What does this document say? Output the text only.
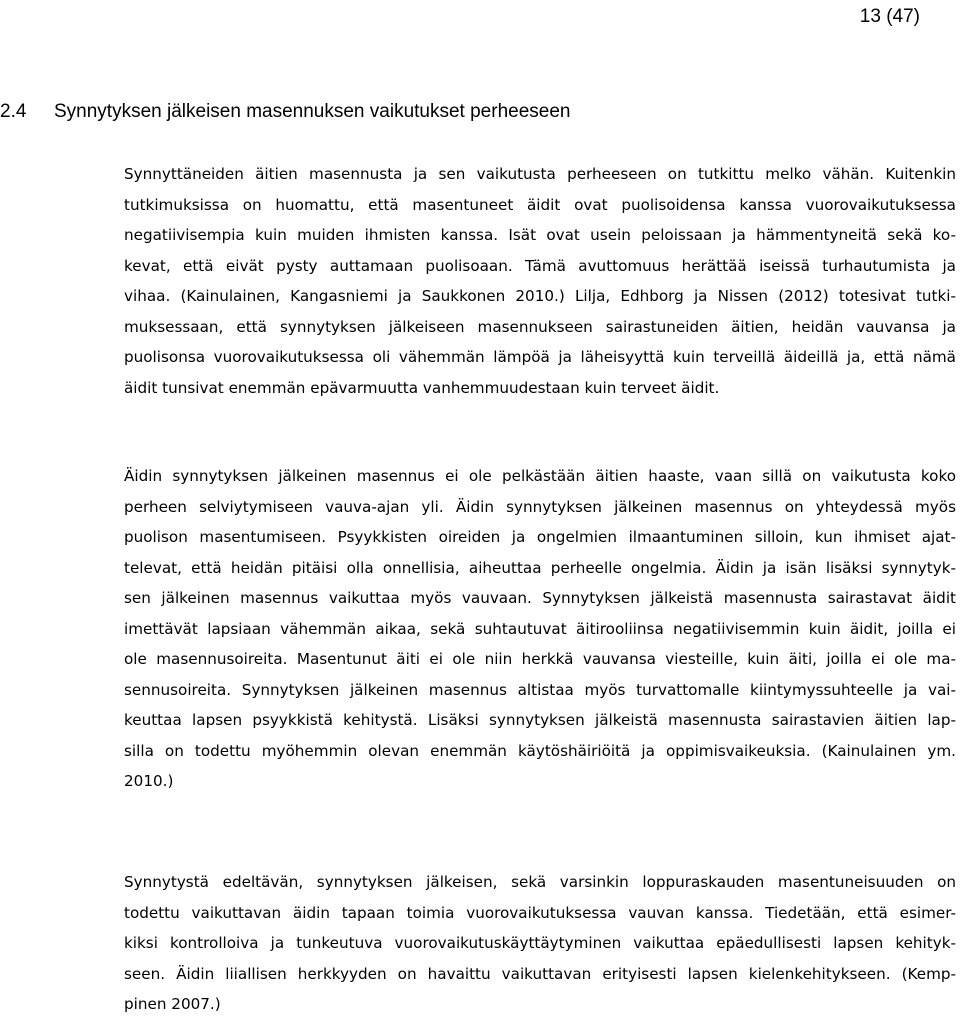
13 (47)
2.4 Synnytyksen jälkeisen masennuksen vaikutukset perheeseen

Synnyttäneiden äitien masennusta ja sen vaikutusta perheeseen on tutkittu melko vähän. Kuitenkin
tutkimuksissa on huomattu, että masentuneet äidit ovat puolisoidensa kanssa vuorovaikutuksessa
negatiivisempia kuin muiden ihmisten kanssa. Isät ovat usein peloissaan ja hämmentyneitä sekä ko-
kevat, että eivät pysty auttamaan puolisoaan. Tämä avuttomuus herättää iseissä turhautumista ja
vihaa. (Kainulainen, Kangasniemi ja Saukkonen 2010.) Lilja, Edhborg ja Nissen (2012) totesivat tutki-
muksessaan, että synnytyksen jälkeiseen masennukseen sairastuneiden äitien, heidän vauvansa ja
puolisonsa vuorovaikutuksessa oli vähemmän lämpöä ja läheisyyttä kuin terveillä äideillä ja, että nämä
äidit tunsivat enemmän epävarmuutta vanhemmuudestaan kuin terveet äidit.

Äidin synnytyksen jälkeinen masennus ei ole pelkästään äitien haaste, vaan sillä on vaikutusta koko
perheen selviytymiseen vauva-ajan yli. Äidin synnytyksen jälkeinen masennus on yhteydessä myös
puolison masentumiseen. Psyykkisten oireiden ja ongelmien ilmaantuminen silloin, kun ihmiset ajat-
televat, että heidän pitäisi olla onnellisia, aiheuttaa perheelle ongelmia. Äidin ja isän lisäksi synnytyk-
sen jälkeinen masennus vaikuttaa myös vauvaan. Synnytyksen jälkeistä masennusta sairastavat äidit
imettävät lapsiaan vähemmän aikaa, sekä suhtautuvat äitirooliinsa negatiivisemmin kuin äidit, joilla ei
ole masennusoireita. Masentunut äiti ei ole niin herkkä vauvansa viesteille, kuin äiti, joilla ei ole ma-
sennusoireita. Synnytyksen jälkeinen masennus altistaa myös turvattomalle kiintymyssuhteelle ja vai-
keuttaa lapsen psyykkistä kehitystä. Lisäksi synnytyksen jälkeistä masennusta sairastavien äitien lap-
silla on todettu myöhemmin olevan enemmän käytöshäiriöitä ja oppimisvaikeuksia. (Kainulainen ym.
2010.)

Synnytystä edeltävän, synnytyksen jälkeisen, sekä varsinkin loppuraskauden masentuneisuuden on
todettu vaikuttavan äidin tapaan toimia vuorovaikutuksessa vauvan kanssa. Tiedetään, että esimer-
kiksi kontrolloiva ja tunkeutuva vuorovaikutuskäyttäytyminen vaikuttaa epäedullisesti lapsen kehityk-
seen. Äidin liiallisen herkkyyden on havaittu vaikuttavan erityisesti lapsen kielenkehitykseen. (Kemp-
pinen 2007.)
